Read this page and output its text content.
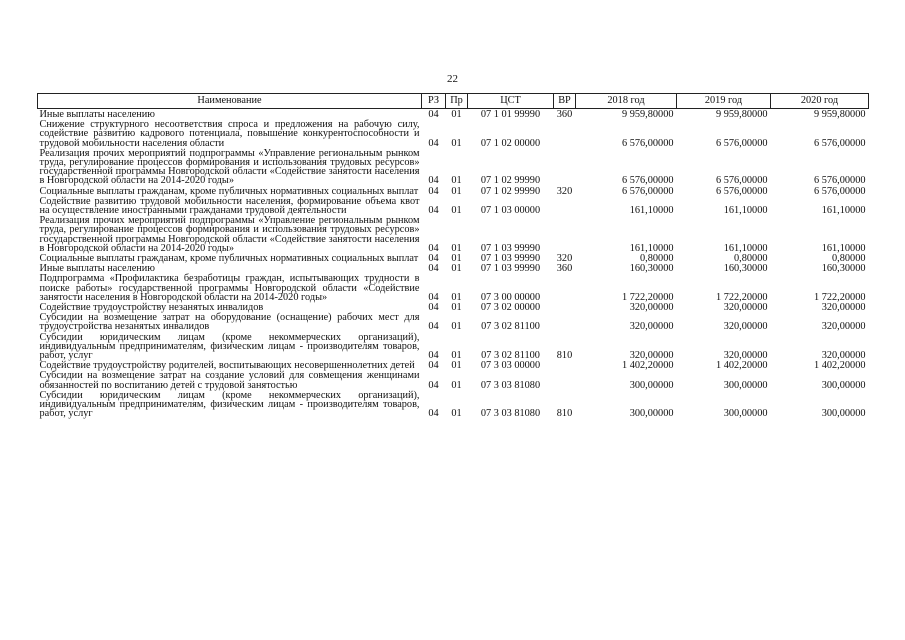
22
Наименование	РЗ	Пр	ЦСТ	ВР	2018 год	2019 год	2020 год
Иные выплаты населению	04	01	07 1 01 99990	360	9 959,80000	9 959,80000	9 959,80000
Снижение структурного несоответствия спроса и предложения на рабочую силу, содействие развитию кадрового потенциала, повышение конкурентоспособности и трудовой мобильности населения области	04	01	07 1 02 00000		6 576,00000	6 576,00000	6 576,00000
Реализация прочих мероприятий подпрограммы «Управление региональным рынком труда, регулирование процессов формирования и использования трудовых ресурсов» государственной программы Новгородской области «Содействие занятости населения в Новгородской области на 2014-2020 годы»	04	01	07 1 02 99990		6 576,00000	6 576,00000	6 576,00000
Социальные выплаты гражданам, кроме публичных нормативных социальных выплат	04	01	07 1 02 99990	320	6 576,00000	6 576,00000	6 576,00000
Содействие развитию трудовой мобильности населения, формирование объема квот на осуществление иностранными гражданами трудовой деятельности	04	01	07 1 03 00000		161,10000	161,10000	161,10000
Реализация прочих мероприятий подпрограммы «Управление региональным рынком труда, регулирование процессов формирования и использования трудовых ресурсов» государственной программы Новгородской области «Содействие занятости населения в Новгородской области на 2014-2020 годы»	04	01	07 1 03 99990		161,10000	161,10000	161,10000
Социальные выплаты гражданам, кроме публичных нормативных социальных выплат	04	01	07 1 03 99990	320	0,80000	0,80000	0,80000
Иные выплаты населению	04	01	07 1 03 99990	360	160,30000	160,30000	160,30000
Подпрограмма «Профилактика безработицы граждан, испытывающих трудности в поиске работы» государственной программы Новгородской области «Содействие занятости населения в Новгородской области на 2014-2020 годы»	04	01	07 3 00 00000		1 722,20000	1 722,20000	1 722,20000
Содействие трудоустройству незанятых инвалидов	04	01	07 3 02 00000		320,00000	320,00000	320,00000
Субсидии на возмещение затрат на оборудование (оснащение) рабочих мест для трудоустройства незанятых инвалидов	04	01	07 3 02 81100		320,00000	320,00000	320,00000
Субсидии юридическим лицам (кроме некоммерческих организаций), индивидуальным предпринимателям, физическим лицам - производителям товаров, работ, услуг	04	01	07 3 02 81100	810	320,00000	320,00000	320,00000
Содействие трудоустройству родителей, воспитывающих несовершеннолетних детей	04	01	07 3 03 00000		1 402,20000	1 402,20000	1 402,20000
Субсидии на возмещение затрат на создание условий для совмещения женщинами обязанностей по воспитанию детей с трудовой занятостью	04	01	07 3 03 81080		300,00000	300,00000	300,00000
Субсидии юридическим лицам (кроме некоммерческих организаций), индивидуальным предпринимателям, физическим лицам - производителям товаров, работ, услуг	04	01	07 3 03 81080	810	300,00000	300,00000	300,00000
